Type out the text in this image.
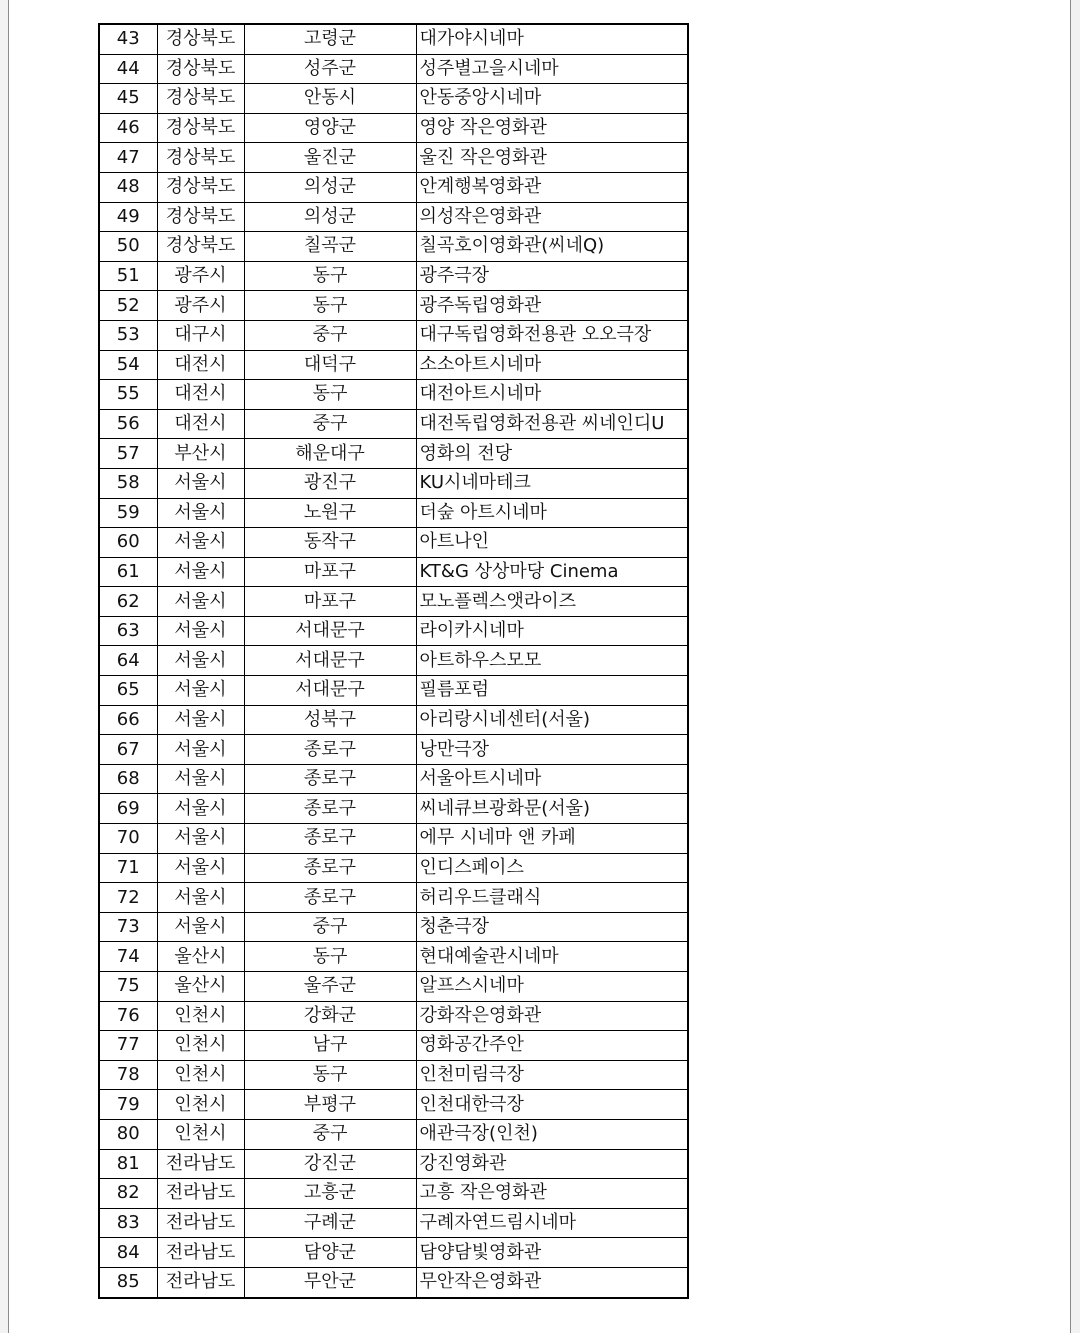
43	경상북도	고령군	대가야시네마
44	경상북도	성주군	성주별고을시네마
45	경상북도	안동시	안동중앙시네마
46	경상북도	영양군	영양 작은영화관
47	경상북도	울진군	울진 작은영화관
48	경상북도	의성군	안계행복영화관
49	경상북도	의성군	의성작은영화관
50	경상북도	칠곡군	칠곡호이영화관(씨네Q)
51	광주시	동구	광주극장
52	광주시	동구	광주독립영화관
53	대구시	중구	대구독립영화전용관 오오극장
54	대전시	대덕구	소소아트시네마
55	대전시	동구	대전아트시네마
56	대전시	중구	대전독립영화전용관 씨네인디U
57	부산시	해운대구	영화의 전당
58	서울시	광진구	KU시네마테크
59	서울시	노원구	더숲 아트시네마
60	서울시	동작구	아트나인
61	서울시	마포구	KT&G 상상마당 Cinema
62	서울시	마포구	모노플렉스앳라이즈
63	서울시	서대문구	라이카시네마
64	서울시	서대문구	아트하우스모모
65	서울시	서대문구	필름포럼
66	서울시	성북구	아리랑시네센터(서울)
67	서울시	종로구	낭만극장
68	서울시	종로구	서울아트시네마
69	서울시	종로구	씨네큐브광화문(서울)
70	서울시	종로구	에무 시네마 앤 카페
71	서울시	종로구	인디스페이스
72	서울시	종로구	허리우드클래식
73	서울시	중구	청춘극장
74	울산시	동구	현대예술관시네마
75	울산시	울주군	알프스시네마
76	인천시	강화군	강화작은영화관
77	인천시	남구	영화공간주안
78	인천시	동구	인천미림극장
79	인천시	부평구	인천대한극장
80	인천시	중구	애관극장(인천)
81	전라남도	강진군	강진영화관
82	전라남도	고흥군	고흥 작은영화관
83	전라남도	구례군	구례자연드림시네마
84	전라남도	담양군	담양담빛영화관
85	전라남도	무안군	무안작은영화관
